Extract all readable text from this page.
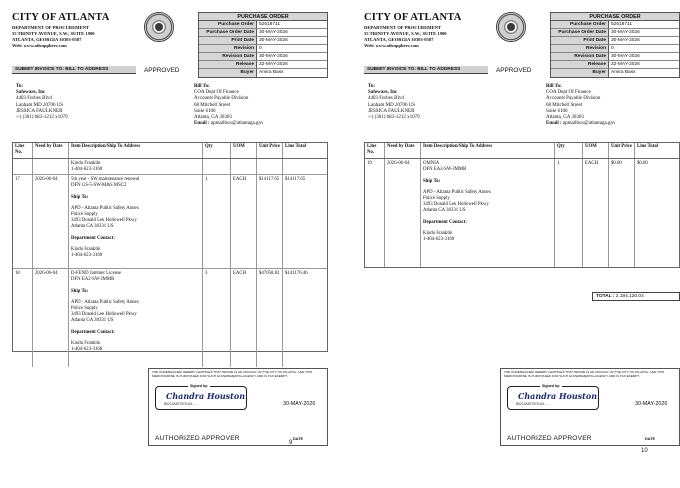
CITY OF ATLANTA
DEPARTMENT OF PROCUREMENT
55 TRINITY AVENUE, S.W., SUITE 1900
ATLANTA, GEORGIA 30303-0307
Web: www.atlsuppliers.com
PURCHASE ORDER
Purchase Order	52618711
Purchase Order Date	30-MAY-2026
Print Date	30-MAY-2026
Revision	0
Revision Date	30-MAY-2026
Release	22-MAY-2026
Buyer	Amira Bass
SUBMIT INVOICE TO: BILL TO ADDRESS	APPROVED
To:
Safeware, Inc
4403 Forbes Blvd
Lanham MD 20706 US
JESSICA FAULKNER
+1 (301) 683-1212 x1079
Bill To:
COA Dept Of Finance
Accounts Payable Division
68 Mitchell Street
Suite 6100
Atlanta, GA 30303
Email : apmailbox@atlantaga.gov
Line No.
Need by Date	Item Description/Ship To Address	Qty	UOM	Unit Price	Line Total
Kindu Franklin
1-404-623-3168
17	2026-06-04	5th year - SW maintenance renewal
DFN GS-5-SW-M&S MSC2
Ship To:
APD - Atlanta Public Safety Annex
Police Supply
3493 Donald Lee Hollowell Pkwy
Atlanta GA 30331 US
Department Contact:
Kindu Franklin
1-404-623-3168
1	EACH	$14117.65	$14117.65
18	2026-06-04	D-FEND Jammer License
DFN EA2-SW-JMMR
Ship To:
APD - Atlanta Public Safety Annex
Police Supply
3493 Donald Lee Hollowell Pkwy
Atlanta GA 30331 US
Department Contact:
Kindu Franklin
1-404-623-3168
3	EACH	$47058.82	$141176.46
THE UNDERSIGNED HEREBY CERTIFIES THAT HE/SHE IS AN OFFICIAL OF THE CITY OF ATLANTA, AND THIS MERCHANDISE IS PURCHASED FOR SUCH GOVERNMENTAL AGENCY AND IS TAX EXEMPT.
Signed by:
Chandra Houston
B82C3A307EF9491...	30-MAY-2026
AUTHORIZED APPROVER	DATE
9
CITY OF ATLANTA
DEPARTMENT OF PROCUREMENT
55 TRINITY AVENUE, S.W., SUITE 1900
ATLANTA, GEORGIA 30303-0307
Web: www.atlsuppliers.com
PURCHASE ORDER
Purchase Order	52618711
Purchase Order Date	30-MAY-2026
Print Date	30-MAY-2026
Revision	0
Revision Date	30-MAY-2026
Release	22-MAY-2026
Buyer	Amira Bass
SUBMIT INVOICE TO: BILL TO ADDRESS	APPROVED
To:
Safeware, Inc
4403 Forbes Blvd
Lanham MD 20706 US
JESSICA FAULKNER
+1 (301) 683-1212 x1079
Bill To:
COA Dept Of Finance
Accounts Payable Division
68 Mitchell Street
Suite 6100
Atlanta, GA 30303
Email : apmailbox@atlantaga.gov
Line No.
Need by Date	Item Description/Ship To Address	Qty	UOM	Unit Price	Line Total
19	2026-06-04	OMNIA
DFN EA2-SW-JMMR
Ship To:
APD - Atlanta Public Safety Annex
Police Supply
3493 Donald Lee Hollowell Pkwy
Atlanta GA 30331 US
Department Contact:
Kindu Franklin
1-404-623-3168
1	EACH	$0.00	$0.00
TOTAL : 2,194,120.04
THE UNDERSIGNED HEREBY CERTIFIES THAT HE/SHE IS AN OFFICIAL OF THE CITY OF ATLANTA, AND THIS MERCHANDISE IS PURCHASED FOR SUCH GOVERNMENTAL AGENCY AND IS TAX EXEMPT.
Signed by:
Chandra Houston
B82C3A307EF9491...	30-MAY-2026
AUTHORIZED APPROVER	DATE
10
